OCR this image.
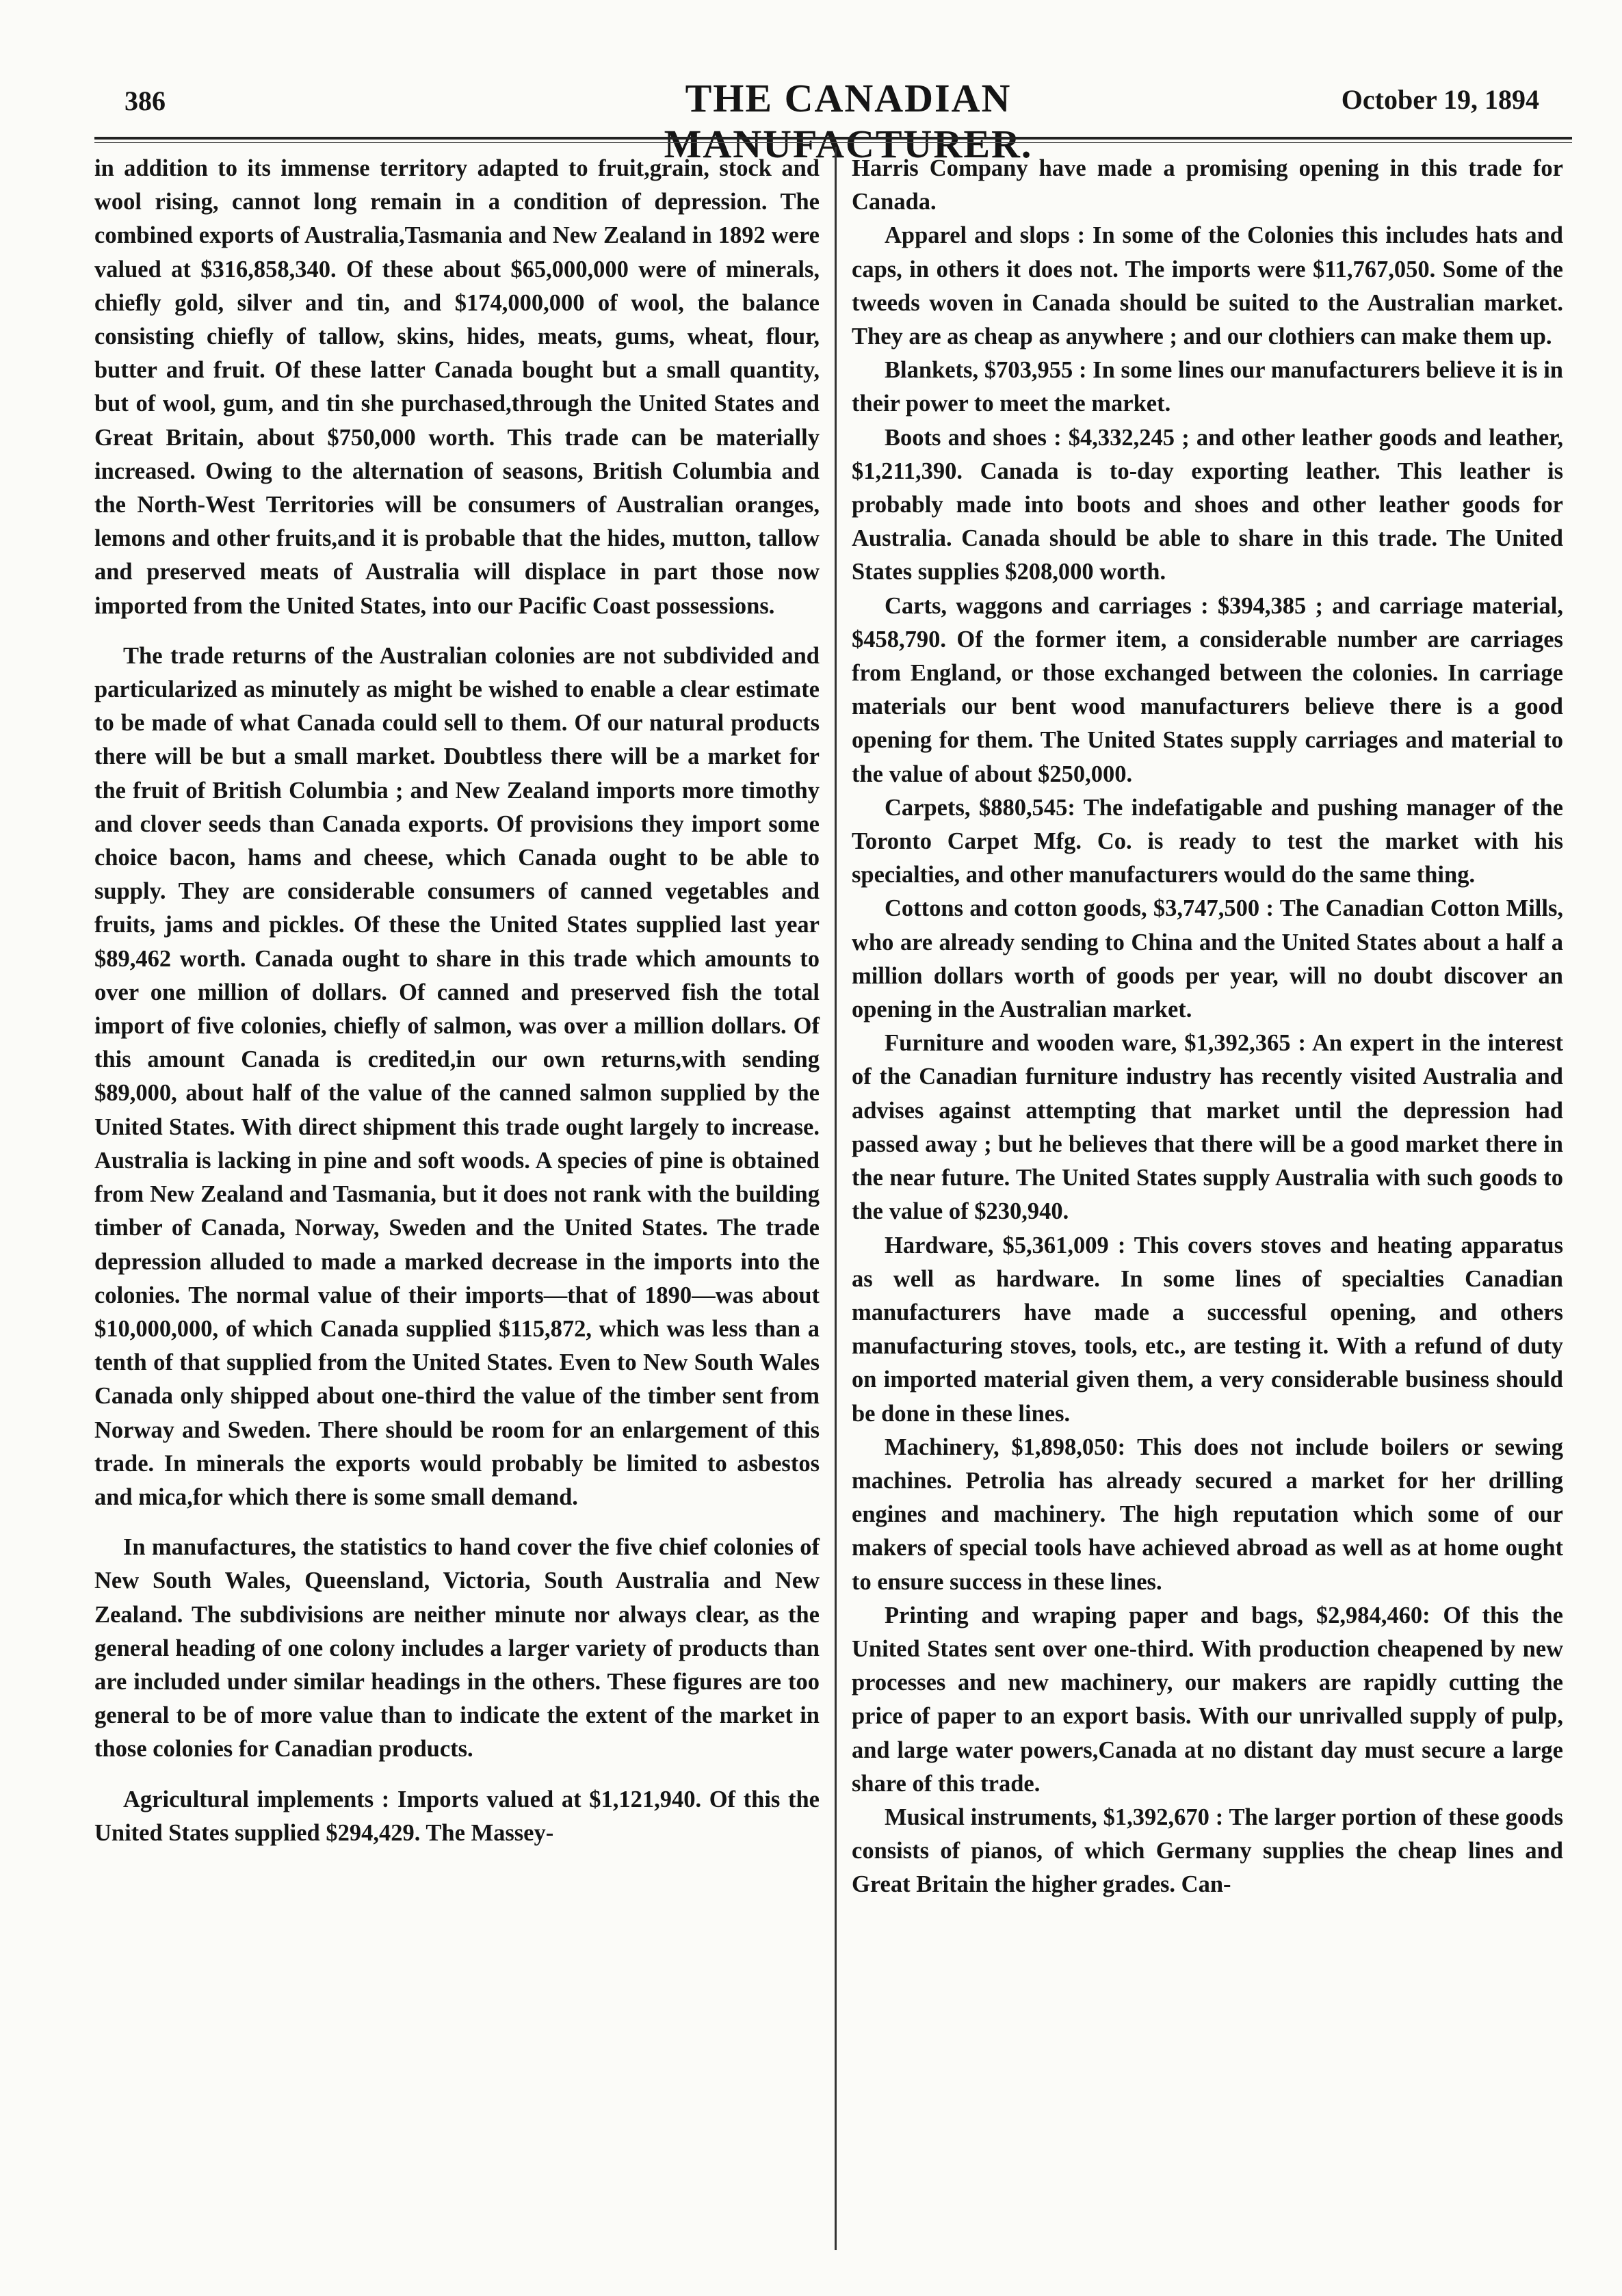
386	THE CANADIAN MANUFACTURER.
October 19, 1894

in addition to its immense territory adapted to fruit,grain, stock and wool rising, cannot long remain in a condition of depression. The combined exports of Australia,Tasmania and New Zealand in 1892 were valued at $316,858,340. Of these about $65,000,000 were of minerals, chiefly gold, silver and tin, and $174,000,000 of wool, the balance consisting chiefly of tallow, skins, hides, meats, gums, wheat, flour, butter and fruit. Of these latter Canada bought but a small quantity, but of wool, gum, and tin she purchased,through the United States and Great Britain, about $750,000 worth. This trade can be materially increased. Owing to the alternation of seasons, British Columbia and the North-West Territories will be consumers of Australian oranges, lemons and other fruits,and it is probable that the hides, mutton, tallow and preserved meats of Australia will displace in part those now imported from the United States, into our Pacific Coast possessions.

The trade returns of the Australian colonies are not subdivided and particularized as minutely as might be wished to enable a clear estimate to be made of what Canada could sell to them. Of our natural products there will be but a small market. Doubtless there will be a market for the fruit of British Columbia ; and New Zealand imports more timothy and clover seeds than Canada exports. Of provisions they import some choice bacon, hams and cheese, which Canada ought to be able to supply. They are considerable consumers of canned vegetables and fruits, jams and pickles. Of these the United States supplied last year $89,462 worth. Canada ought to share in this trade which amounts to over one million of dollars. Of canned and preserved fish the total import of five colonies, chiefly of salmon, was over a million dollars. Of this amount Canada is credited,in our own returns,with sending $89,000, about half of the value of the canned salmon supplied by the United States. With direct shipment this trade ought largely to increase. Australia is lacking in pine and soft woods. A species of pine is obtained from New Zealand and Tasmania, but it does not rank with the building timber of Canada, Norway, Sweden and the United States. The trade depression alluded to made a marked decrease in the imports into the colonies. The normal value of their imports—that of 1890—was about $10,000,000, of which Canada supplied $115,872, which was less than a tenth of that supplied from the United States. Even to New South Wales Canada only shipped about one-third the value of the timber sent from Norway and Sweden. There should be room for an enlargement of this trade. In minerals the exports would probably be limited to asbestos and mica,for which there is some small demand.

In manufactures, the statistics to hand cover the five chief colonies of New South Wales, Queensland, Victoria, South Australia and New Zealand. The subdivisions are neither minute nor always clear, as the general heading of one colony includes a larger variety of products than are included under similar headings in the others. These figures are too general to be of more value than to indicate the extent of the market in those colonies for Canadian products.

Agricultural implements : Imports valued at $1,121,940. Of this the United States supplied $294,429. The Massey-

Harris Company have made a promising opening in this trade for Canada.

Apparel and slops : In some of the Colonies this includes hats and caps, in others it does not. The imports were $11,767,050. Some of the tweeds woven in Canada should be suited to the Australian market. They are as cheap as anywhere ; and our clothiers can make them up.

Blankets, $703,955 : In some lines our manufacturers believe it is in their power to meet the market.

Boots and shoes : $4,332,245 ; and other leather goods and leather, $1,211,390. Canada is to-day exporting leather. This leather is probably made into boots and shoes and other leather goods for Australia. Canada should be able to share in this trade. The United States supplies $208,000 worth.

Carts, waggons and carriages : $394,385 ; and carriage material, $458,790. Of the former item, a considerable number are carriages from England, or those exchanged between the colonies. In carriage materials our bent wood manufacturers believe there is a good opening for them. The United States supply carriages and material to the value of about $250,000.

Carpets, $880,545: The indefatigable and pushing manager of the Toronto Carpet Mfg. Co. is ready to test the market with his specialties, and other manufacturers would do the same thing.

Cottons and cotton goods, $3,747,500 : The Canadian Cotton Mills, who are already sending to China and the United States about a half a million dollars worth of goods per year, will no doubt discover an opening in the Australian market.

Furniture and wooden ware, $1,392,365 : An expert in the interest of the Canadian furniture industry has recently visited Australia and advises against attempting that market until the depression had passed away ; but he believes that there will be a good market there in the near future. The United States supply Australia with such goods to the value of $230,940.

Hardware, $5,361,009 : This covers stoves and heating apparatus as well as hardware. In some lines of specialties Canadian manufacturers have made a successful opening, and others manufacturing stoves, tools, etc., are testing it. With a refund of duty on imported material given them, a very considerable business should be done in these lines.

Machinery, $1,898,050: This does not include boilers or sewing machines. Petrolia has already secured a market for her drilling engines and machinery. The high reputation which some of our makers of special tools have achieved abroad as well as at home ought to ensure success in these lines.

Printing and wraping paper and bags, $2,984,460: Of this the United States sent over one-third. With production cheapened by new processes and new machinery, our makers are rapidly cutting the price of paper to an export basis. With our unrivalled supply of pulp, and large water powers,Canada at no distant day must secure a large share of this trade.

Musical instruments, $1,392,670 : The larger portion of these goods consists of pianos, of which Germany supplies the cheap lines and Great Britain the higher grades. Can-
